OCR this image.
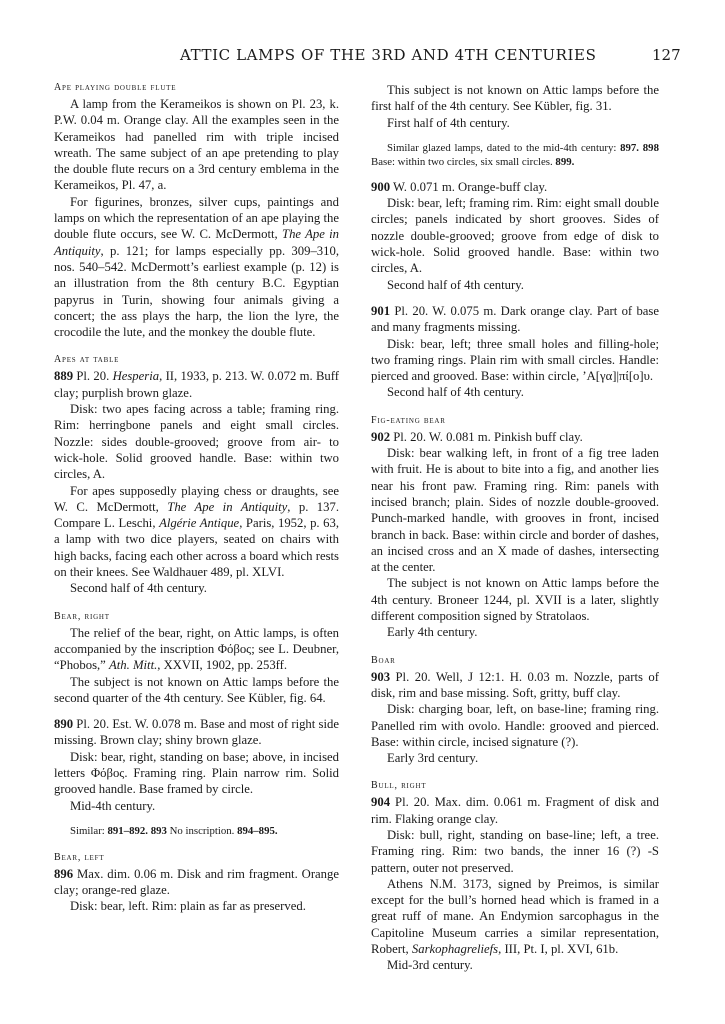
ATTIC LAMPS OF THE 3RD AND 4TH CENTURIES	127
Ape playing double flute

A lamp from the Kerameikos is shown on Pl. 23, k. P.W. 0.04 m. Orange clay. All the examples seen in the Kerameikos had panelled rim with triple incised wreath. The same subject of an ape pretending to play the double flute recurs on a 3rd century emblema in the Kerameikos, Pl. 47, a.

For figurines, bronzes, silver cups, paintings and lamps on which the representation of an ape playing the double flute occurs, see W. C. McDermott, The Ape in Antiquity, p. 121; for lamps especially pp. 309–310, nos. 540–542. McDermott’s earliest example (p. 12) is an illustration from the 8th century B.C. Egyptian papyrus in Turin, showing four animals giving a concert; the ass plays the harp, the lion the lyre, the crocodile the lute, and the monkey the double flute.

Apes at table

889 Pl. 20. Hesperia, II, 1933, p. 213. W. 0.072 m. Buff clay; purplish brown glaze.

Disk: two apes facing across a table; framing ring. Rim: herringbone panels and eight small circles. Nozzle: sides double-grooved; groove from air- to wick-hole. Solid grooved handle. Base: within two circles, A.

For apes supposedly playing chess or draughts, see W. C. McDermott, The Ape in Antiquity, p. 137. Compare L. Leschi, Algérie Antique, Paris, 1952, p. 63, a lamp with two dice players, seated on chairs with high backs, facing each other across a board which rests on their knees. See Waldhauer 489, pl. XLVI.

Second half of 4th century.

Bear, right

The relief of the bear, right, on Attic lamps, is often accompanied by the inscription Φόβος; see L. Deubner, “Phobos,” Ath. Mitt., XXVII, 1902, pp. 253ff.

The subject is not known on Attic lamps before the second quarter of the 4th century. See Kübler, fig. 64.

890 Pl. 20. Est. W. 0.078 m. Base and most of right side missing. Brown clay; shiny brown glaze.

Disk: bear, right, standing on base; above, in incised letters Φόβος. Framing ring. Plain narrow rim. Solid grooved handle. Base framed by circle.

Mid-4th century.

Similar: 891–892. 893 No inscription. 894–895.

Bear, left

896 Max. dim. 0.06 m. Disk and rim fragment. Orange clay; orange-red glaze.

Disk: bear, left. Rim: plain as far as preserved.

This subject is not known on Attic lamps before the first half of the 4th century. See Kübler, fig. 31.

First half of 4th century.

Similar glazed lamps, dated to the mid-4th century: 897. 898 Base: within two circles, six small circles. 899.

900 W. 0.071 m. Orange-buff clay.

Disk: bear, left; framing rim. Rim: eight small double circles; panels indicated by short grooves. Sides of nozzle double-grooved; groove from edge of disk to wick-hole. Solid grooved handle. Base: within two circles, A.

Second half of 4th century.

901 Pl. 20. W. 0.075 m. Dark orange clay. Part of base and many fragments missing.

Disk: bear, left; three small holes and filling-hole; two framing rings. Plain rim with small circles. Handle: pierced and grooved. Base: within circle, ’Α[γα]|πί[ο]υ.

Second half of 4th century.

Fig-eating bear

902 Pl. 20. W. 0.081 m. Pinkish buff clay.

Disk: bear walking left, in front of a fig tree laden with fruit. He is about to bite into a fig, and another lies near his front paw. Framing ring. Rim: panels with incised branch; plain. Sides of nozzle double-grooved. Punch-marked handle, with grooves in front, incised branch in back. Base: within circle and border of dashes, an incised cross and an X made of dashes, intersecting at the center.

The subject is not known on Attic lamps before the 4th century. Broneer 1244, pl. XVII is a later, slightly different composition signed by Stratolaos.

Early 4th century.

Boar

903 Pl. 20. Well, J 12:1. H. 0.03 m. Nozzle, parts of disk, rim and base missing. Soft, gritty, buff clay.

Disk: charging boar, left, on base-line; framing ring. Panelled rim with ovolo. Handle: grooved and pierced. Base: within circle, incised signature (?).

Early 3rd century.

Bull, right

904 Pl. 20. Max. dim. 0.061 m. Fragment of disk and rim. Flaking orange clay.

Disk: bull, right, standing on base-line; left, a tree. Framing ring. Rim: two bands, the inner 16 (?) -S pattern, outer not preserved.

Athens N.M. 3173, signed by Preimos, is similar except for the bull’s horned head which is framed in a great ruff of mane. An Endymion sarcophagus in the Capitoline Museum carries a similar representation, Robert, Sarkophagreliefs, III, Pt. I, pl. XVI, 61b.

Mid-3rd century.
